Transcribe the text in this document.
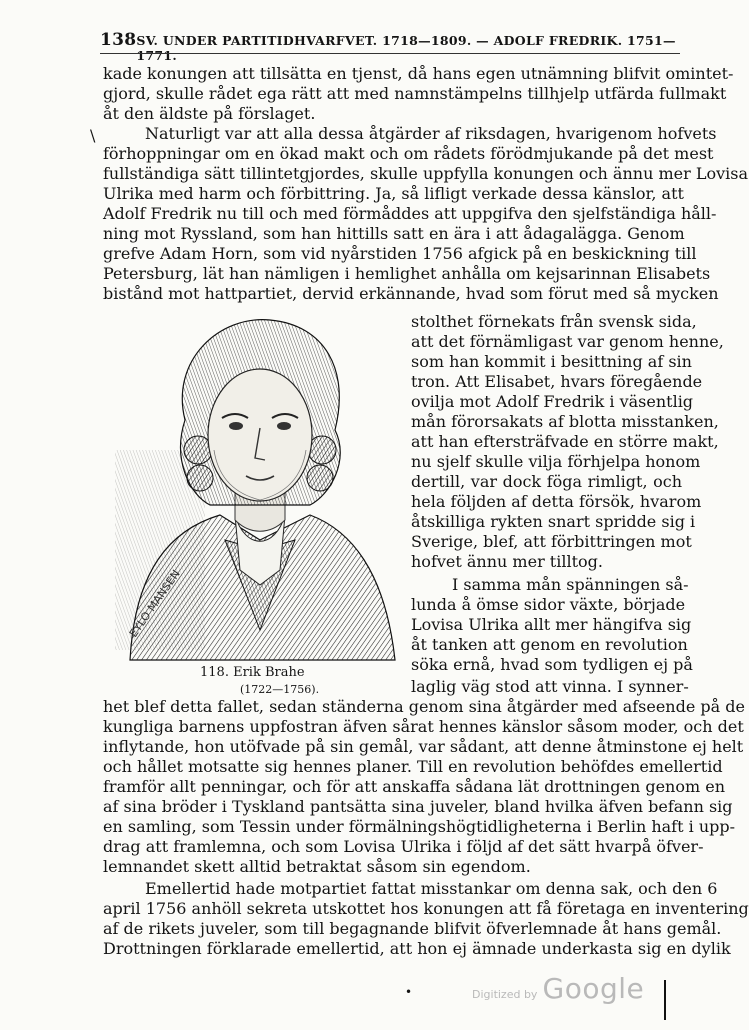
138 SV. UNDER PARTITIDHVARFVET. 1718—1809. — ADOLF FREDRIK. 1751—1771.
kade konungen att tillsätta en tjenst, då hans egen utnämning blifvit omintet-
gjord, skulle rådet ega rätt att med namnstämpelns tillhjelp utfärda fullmakt
åt den äldste på förslaget.
Naturligt var att alla dessa åtgärder af riksdagen, hvarigenom hofvets
förhoppningar om en ökad makt och om rådets förödmjukande på det mest
fullständiga sätt tillintetgjordes, skulle uppfylla konungen och ännu mer Lovisa
Ulrika med harm och förbittring. Ja, så lifligt verkade dessa känslor, att
Adolf Fredrik nu till och med förmåddes att uppgifva den sjelfständiga håll-
ning mot Ryssland, som han hittills satt en ära i att ådagalägga. Genom
grefve Adam Horn, som vid nyårstiden 1756 afgick på en beskickning till
Petersburg, lät han nämligen i hemlighet anhålla om kejsarinnan Elisabets
bistånd mot hattpartiet, dervid erkännande, hvad som förut med så mycken
\
EYLO MANSEN
118. Erik Brahe
(1722—1756).
stolthet förnekats från svensk sida,
att det förnämligast var genom henne,
som han kommit i besittning af sin
tron. Att Elisabet, hvars föregående
ovilja mot Adolf Fredrik i väsentlig
mån förorsakats af blotta misstanken,
att han eftersträfvade en större makt,
nu sjelf skulle vilja förhjelpa honom
dertill, var dock föga rimligt, och
hela följden af detta försök, hvarom
åtskilliga rykten snart spridde sig i
Sverige, blef, att förbittringen mot
hofvet ännu mer tilltog.
I samma mån spänningen så-
lunda å ömse sidor växte, började
Lovisa Ulrika allt mer hängifva sig
åt tanken att genom en revolution
söka ernå, hvad som tydligen ej på
laglig väg stod att vinna. I synner-
het blef detta fallet, sedan ständerna genom sina åtgärder med afseende på de
kungliga barnens uppfostran äfven sårat hennes känslor såsom moder, och det
inflytande, hon utöfvade på sin gemål, var sådant, att denne åtminstone ej helt
och hållet motsatte sig hennes planer. Till en revolution behöfdes emellertid
framför allt penningar, och för att anskaffa sådana lät drottningen genom en
af sina bröder i Tyskland pantsätta sina juveler, bland hvilka äfven befann sig
en samling, som Tessin under förmälningshögtidligheterna i Berlin haft i upp-
drag att framlemna, och som Lovisa Ulrika i följd af det sätt hvarpå öfver-
lemnandet skett alltid betraktat såsom sin egendom.
Emellertid hade motpartiet fattat misstankar om denna sak, och den 6
april 1756 anhöll sekreta utskottet hos konungen att få företaga en inventering
af de rikets juveler, som till begagnande blifvit öfverlemnade åt hans gemål.
Drottningen förklarade emellertid, att hon ej ämnade underkasta sig en dylik
•	Digitized by Google
